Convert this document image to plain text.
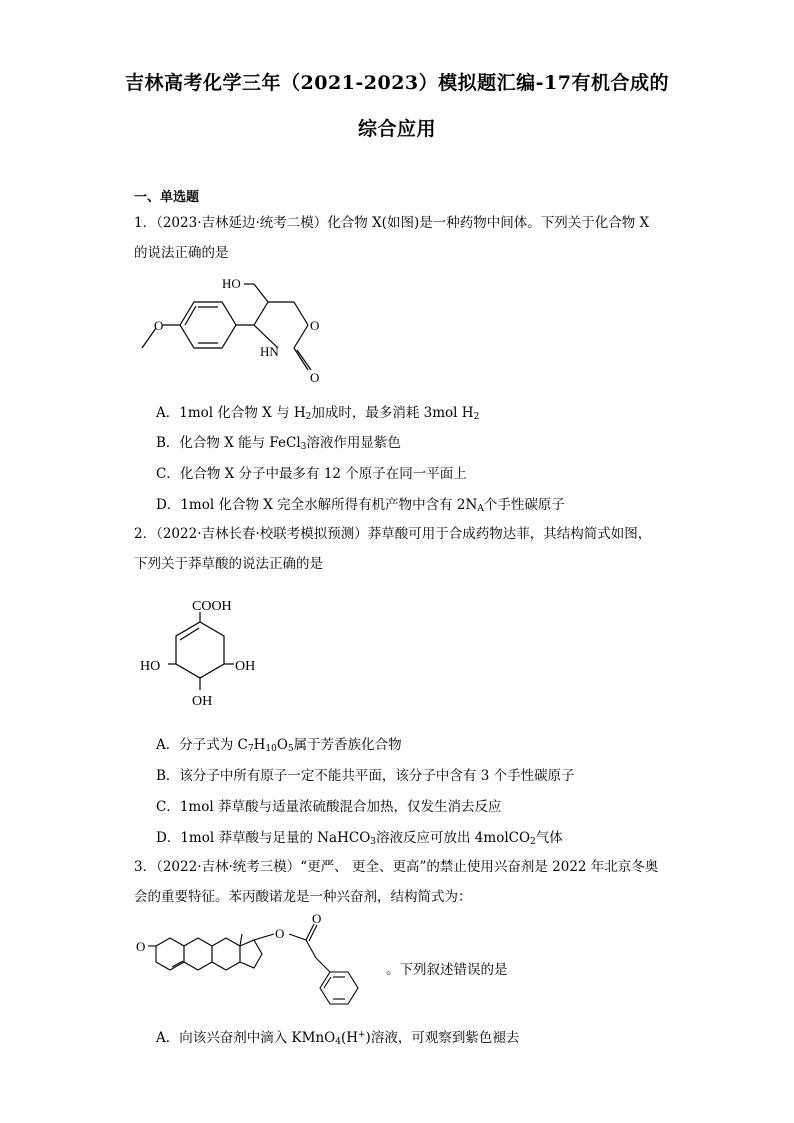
吉林高考化学三年（2021-2023）模拟题汇编-17有机合成的
综合应用
一、单选题
1．（2023·吉林延边·统考二模）化合物 X(如图)是一种药物中间体。下列关于化合物 X
的说法正确的是
O
HO
O
HN
O
A．1mol 化合物 X 与 $H_2$加成时，最多消耗 3mol $H_2$
B．化合物 X 能与 FeCl$_3$溶液作用显紫色
C．化合物 X 分子中最多有 12 个原子在同一平面上
D．1mol 化合物 X 完全水解所得有机产物中含有 $2N_A$个手性碳原子
2．（2022·吉林长春·校联考模拟预测）莽草酸可用于合成药物达菲，其结构简式如图，
下列关于莽草酸的说法正确的是
COOH
HO	OH
OH
A．分子式为 $C_7H_{10}O_5$属于芳香族化合物
B．该分子中所有原子一定不能共平面，该分子中含有 3 个手性碳原子
C．1mol 莽草酸与适量浓硫酸混合加热，仅发生消去反应
D．1mol 莽草酸与足量的 NaHCO$_3$溶液反应可放出 4molCO$_2$气体
3．（2022·吉林·统考三模）“更严、 更全、更高”的禁止使用兴奋剂是 2022 年北京冬奥
会的重要特征。苯丙酸诺龙是一种兴奋剂，结构简式为：
O
O
O
。下列叙述错误的是
A．向该兴奋剂中滴入 KMnO$_4$(H+)溶液，可观察到紫色褪去
